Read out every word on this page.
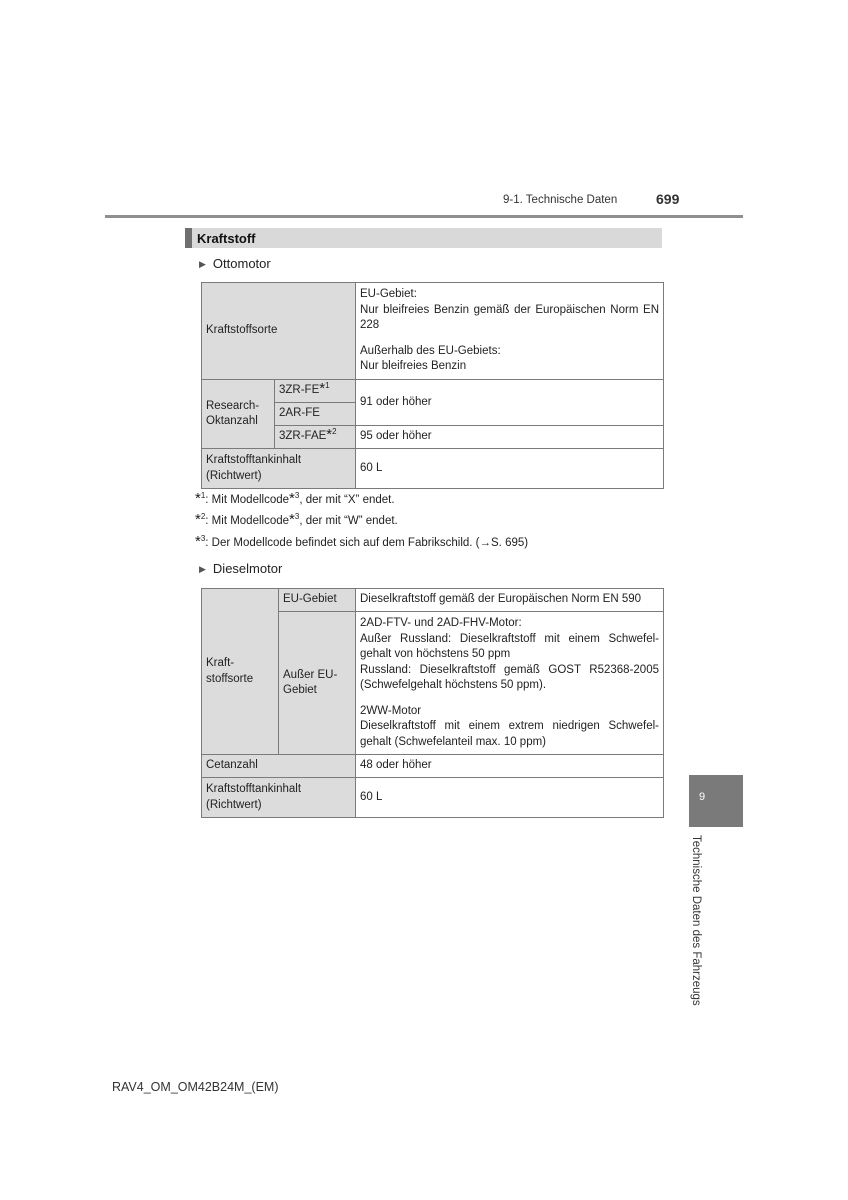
9-1. Technische Daten	699
Kraftstoff
▶ Ottomotor
Kraftstoffsorte		EU-Gebiet:

Nur bleifreies Benzin gemäß der Europäischen Norm EN 228

Außerhalb des EU-Gebiets:

Nur bleifreies Benzin

Research-Oktanzahl	3ZR-FE*$^1$	91 oder höher
	2AR-FE	
	3ZR-FAE*$^2$	95 oder höher
Kraftstofftankinhalt (Richtwert)		60 L
*$^1$: Mit Modellcode*$^3$, der mit “X” endet.
*$^2$: Mit Modellcode*$^3$, der mit “W” endet.
*$^3$: Der Modellcode befindet sich auf dem Fabrikschild. (→S. 695)
▶ Dieselmotor
Kraft-stoffsorte	EU-Gebiet	Dieselkraftstoff gemäß der Europäischen Norm EN 590
	Außer EU-Gebiet	2AD-FTV- und 2AD-FHV-Motor:

Außer Russland: Dieselkraftstoff mit einem Schwefel-gehalt von höchstens 50 ppm

Russland: Dieselkraftstoff gemäß GOST R52368-2005 (Schwefelgehalt höchstens 50 ppm).

2WW-Motor

Dieselkraftstoff mit einem extrem niedrigen Schwefel-gehalt (Schwefelanteil max. 10 ppm)

Cetanzahl		48 oder höher
Kraftstofftankinhalt (Richtwert)		60 L	9
Technische Daten des Fahrzeugs
RAV4_OM_OM42B24M_(EM)
